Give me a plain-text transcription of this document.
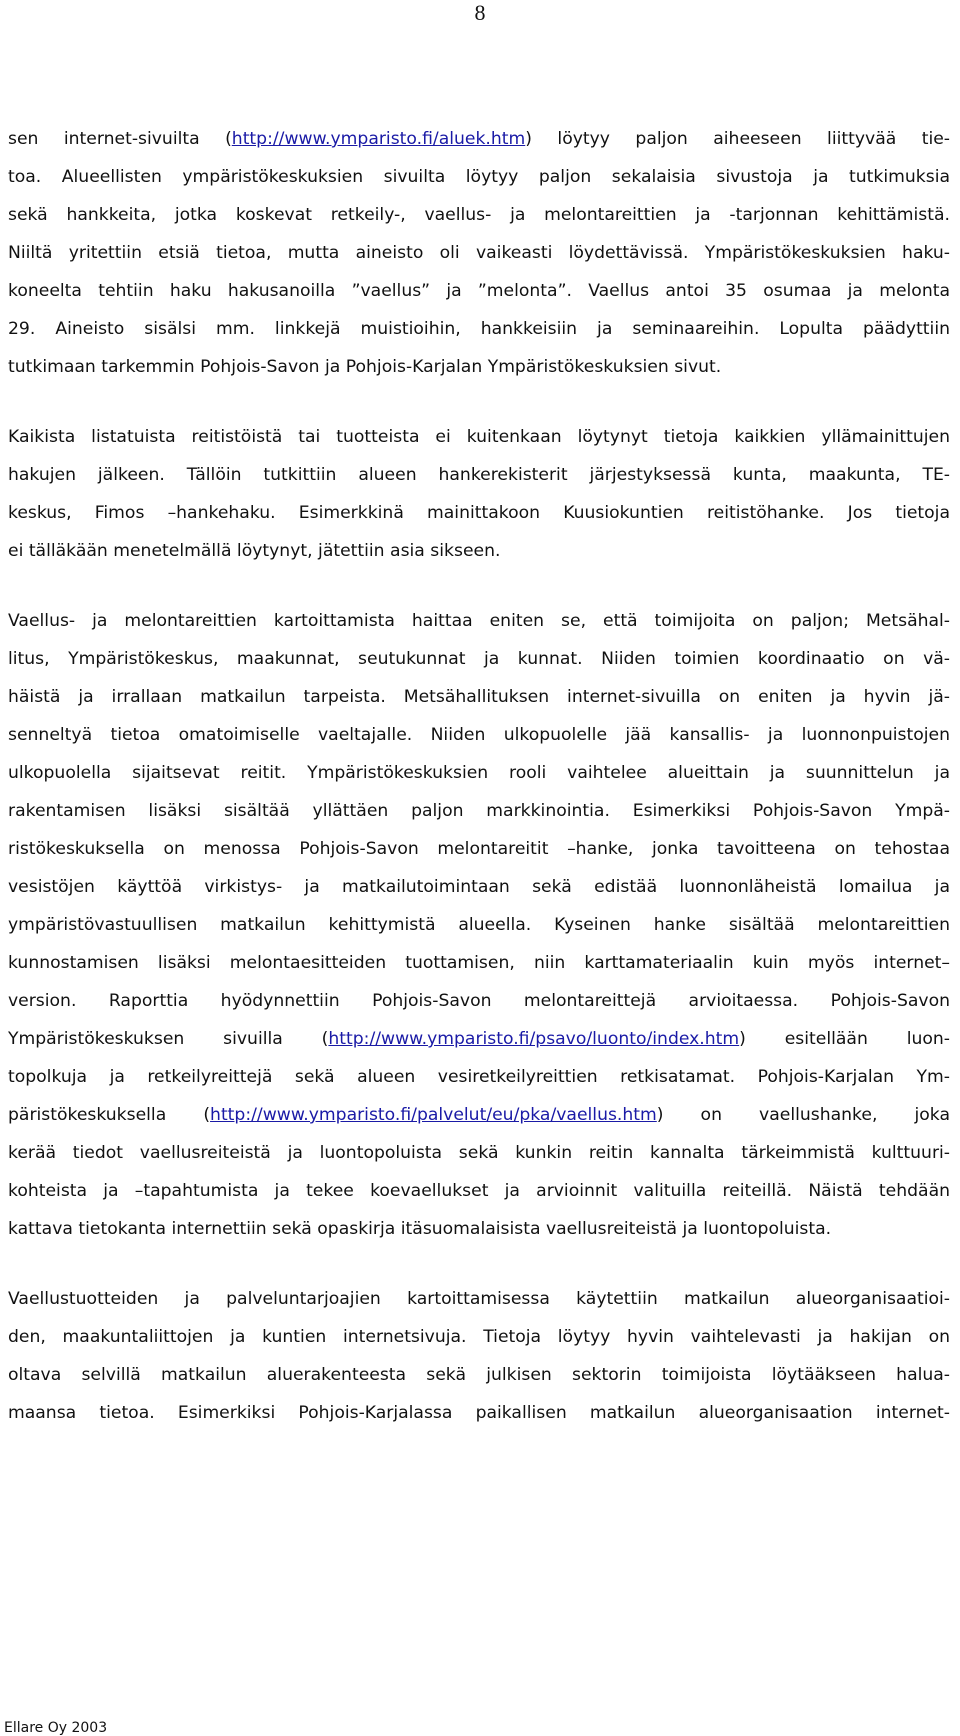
8
sen internet-sivuilta (http://www.ymparisto.fi/aluek.htm) löytyy paljon aiheeseen liittyvää tie-
toa. Alueellisten ympäristökeskuksien sivuilta löytyy paljon sekalaisia sivustoja ja tutkimuksia
sekä hankkeita, jotka koskevat retkeily-, vaellus- ja melontareittien ja -tarjonnan kehittämistä.
Niiltä yritettiin etsiä tietoa, mutta aineisto oli vaikeasti löydettävissä. Ympäristökeskuksien haku-
koneelta tehtiin haku hakusanoilla ”vaellus” ja ”melonta”. Vaellus antoi 35 osumaa ja melonta
29. Aineisto sisälsi mm. linkkejä muistioihin, hankkeisiin ja seminaareihin. Lopulta päädyttiin
tutkimaan tarkemmin Pohjois-Savon ja Pohjois-Karjalan Ympäristökeskuksien sivut.
Kaikista listatuista reitistöistä tai tuotteista ei kuitenkaan löytynyt tietoja kaikkien yllämainittujen
hakujen jälkeen. Tällöin tutkittiin alueen hankerekisterit järjestyksessä kunta, maakunta, TE-
keskus, Fimos –hankehaku. Esimerkkinä mainittakoon Kuusiokuntien reitistöhanke. Jos tietoja
ei tälläkään menetelmällä löytynyt, jätettiin asia sikseen.
Vaellus- ja melontareittien kartoittamista haittaa eniten se, että toimijoita on paljon; Metsähal-
litus, Ympäristökeskus, maakunnat, seutukunnat ja kunnat. Niiden toimien koordinaatio on vä-
häistä ja irrallaan matkailun tarpeista. Metsähallituksen internet-sivuilla on eniten ja hyvin jä-
senneltyä tietoa omatoimiselle vaeltajalle. Niiden ulkopuolelle jää kansallis- ja luonnonpuistojen
ulkopuolella sijaitsevat reitit. Ympäristökeskuksien rooli vaihtelee alueittain ja suunnittelun ja
rakentamisen lisäksi sisältää yllättäen paljon markkinointia. Esimerkiksi Pohjois-Savon Ympä-
ristökeskuksella on menossa Pohjois-Savon melontareitit –hanke, jonka tavoitteena on tehostaa
vesistöjen käyttöä virkistys- ja matkailutoimintaan sekä edistää luonnonläheistä lomailua ja
ympäristövastuullisen matkailun kehittymistä alueella. Kyseinen hanke sisältää melontareittien
kunnostamisen lisäksi melontaesitteiden tuottamisen, niin karttamateriaalin kuin myös internet–
version. Raporttia hyödynnettiin Pohjois-Savon melontareittejä arvioitaessa. Pohjois-Savon
Ympäristökeskuksen sivuilla (http://www.ymparisto.fi/psavo/luonto/index.htm) esitellään luon-
topolkuja ja retkeilyreittejä sekä alueen vesiretkeilyreittien retkisatamat. Pohjois-Karjalan Ym-
päristökeskuksella (http://www.ymparisto.fi/palvelut/eu/pka/vaellus.htm) on vaellushanke, joka
kerää tiedot vaellusreiteistä ja luontopoluista sekä kunkin reitin kannalta tärkeimmistä kulttuuri-
kohteista ja –tapahtumista ja tekee koevaellukset ja arvioinnit valituilla reiteillä. Näistä tehdään
kattava tietokanta internettiin sekä opaskirja itäsuomalaisista vaellusreiteistä ja luontopoluista.
Vaellustuotteiden ja palveluntarjoajien kartoittamisessa käytettiin matkailun alueorganisaatioi-
den, maakuntaliittojen ja kuntien internetsivuja. Tietoja löytyy hyvin vaihtelevasti ja hakijan on
oltava selvillä matkailun aluerakenteesta sekä julkisen sektorin toimijoista löytääkseen halua-
maansa tietoa. Esimerkiksi Pohjois-Karjalassa paikallisen matkailun alueorganisaation internet-
Ellare Oy 2003
